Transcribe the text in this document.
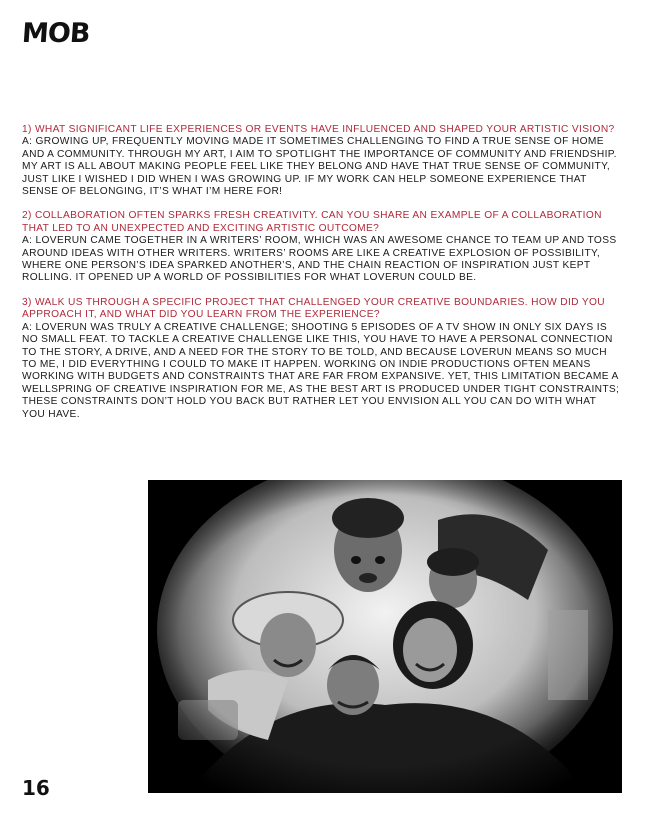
MOB

1) WHAT SIGNIFICANT LIFE EXPERIENCES OR EVENTS HAVE INFLUENCED AND SHAPED YOUR ARTISTIC VISION?

A: GROWING UP, FREQUENTLY MOVING MADE IT SOMETIMES CHALLENGING TO FIND A TRUE SENSE OF HOME AND A COMMUNITY. THROUGH MY ART, I AIM TO SPOTLIGHT THE IMPORTANCE OF COMMUNITY AND FRIENDSHIP. MY ART IS ALL ABOUT MAKING PEOPLE FEEL LIKE THEY BELONG AND HAVE THAT TRUE SENSE OF COMMUNITY, JUST LIKE I WISHED I DID WHEN I WAS GROWING UP. IF MY WORK CAN HELP SOMEONE EXPERIENCE THAT SENSE OF BELONGING, IT’S WHAT I’M HERE FOR!

2) COLLABORATION OFTEN SPARKS FRESH CREATIVITY. CAN YOU SHARE AN EXAMPLE OF A COLLABORATION THAT LED TO AN UNEXPECTED AND EXCITING ARTISTIC OUTCOME?

A: LOVERUN CAME TOGETHER IN A WRITERS’ ROOM, WHICH WAS AN AWESOME CHANCE TO TEAM UP AND TOSS AROUND IDEAS WITH OTHER WRITERS. WRITERS’ ROOMS ARE LIKE A CREATIVE EXPLOSION OF POSSIBILITY, WHERE ONE PERSON’S IDEA SPARKED ANOTHER’S, AND THE CHAIN REACTION OF INSPIRATION JUST KEPT ROLLING. IT OPENED UP A WORLD OF POSSIBILITIES FOR WHAT LOVERUN COULD BE.

3) WALK US THROUGH A SPECIFIC PROJECT THAT CHALLENGED YOUR CREATIVE BOUNDARIES. HOW DID YOU APPROACH IT, AND WHAT DID YOU LEARN FROM THE EXPERIENCE?

A: LOVERUN WAS TRULY A CREATIVE CHALLENGE; SHOOTING 5 EPISODES OF A TV SHOW IN ONLY SIX DAYS IS NO SMALL FEAT. TO TACKLE A CREATIVE CHALLENGE LIKE THIS, YOU HAVE TO HAVE A PERSONAL CONNECTION TO THE STORY, A DRIVE, AND A NEED FOR THE STORY TO BE TOLD, AND BECAUSE LOVERUN MEANS SO MUCH TO ME, I DID EVERYTHING I COULD TO MAKE IT HAPPEN. WORKING ON INDIE PRODUCTIONS OFTEN MEANS WORKING WITH BUDGETS AND CONSTRAINTS THAT ARE FAR FROM EXPANSIVE. YET, THIS LIMITATION BECAME A WELLSPRING OF CREATIVE INSPIRATION FOR ME, AS THE BEST ART IS PRODUCED UNDER TIGHT CONSTRAINTS; THESE CONSTRAINTS DON’T HOLD YOU BACK BUT RATHER LET YOU ENVISION ALL YOU CAN DO WITH WHAT YOU HAVE.

16
